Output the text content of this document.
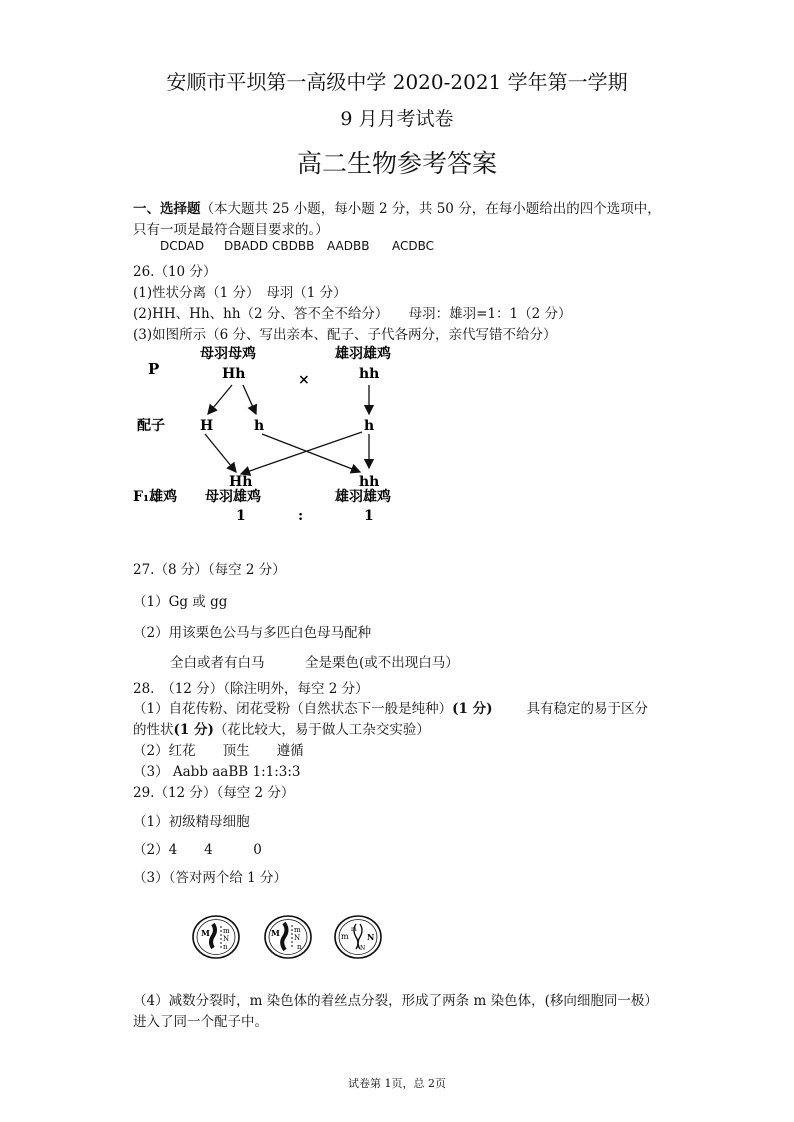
安顺市平坝第一高级中学 2020-2021 学年第一学期
9 月月考试卷
高二生物参考答案
一、选择题（本大题共 25 小题，每小题 2 分，共 50 分，在每小题给出的四个选项中，
只有一项是最符合题目要求的。）
DCDAD DBADD CBDBB AADBB ACDBC
26.（10 分）
(1)性状分离（1 分）　母羽（1 分）
(2)HH、Hh、hh（2 分、答不全不给分）　　母羽：雄羽=1：1（2 分）
(3)如图所示（6 分、写出亲本、配子、子代各两分，亲代写错不给分）
P
配子
F₁雄鸡
母羽母鸡
Hh	×
雄羽雄鸡
hh
H	h	h
Hh
母羽雄鸡
1	:
hh
雄羽雄鸡
1
27.（8 分）（每空 2 分）
（1）Gg 或 gg
（2）用该栗色公马与多匹白色母马配种
全白或者有白马　　　全是栗色(或不出现白马）
28.　（12 分）（除注明外，每空 2 分）
（1）自花传粉、闭花受粉（自然状态下一般是纯种）(1 分)	具有稳定的易于区分
的性状(1 分)（花比较大，易于做人工杂交实验）
（2）红花　　顶生　　遵循
（3） Aabb aaBB 1:1:3:3
29.（12 分）（每空 2 分）
（1）初级精母细胞
（2）4　　4　　　0
（3）（答对两个给 1 分）
M m
N
n
M m
N
n
m
m
N
N
（4）减数分裂时，m 染色体的着丝点分裂，形成了两条 m 染色体，(移向细胞同一极）
进入了同一个配子中。
试卷第 1页，总 2页
